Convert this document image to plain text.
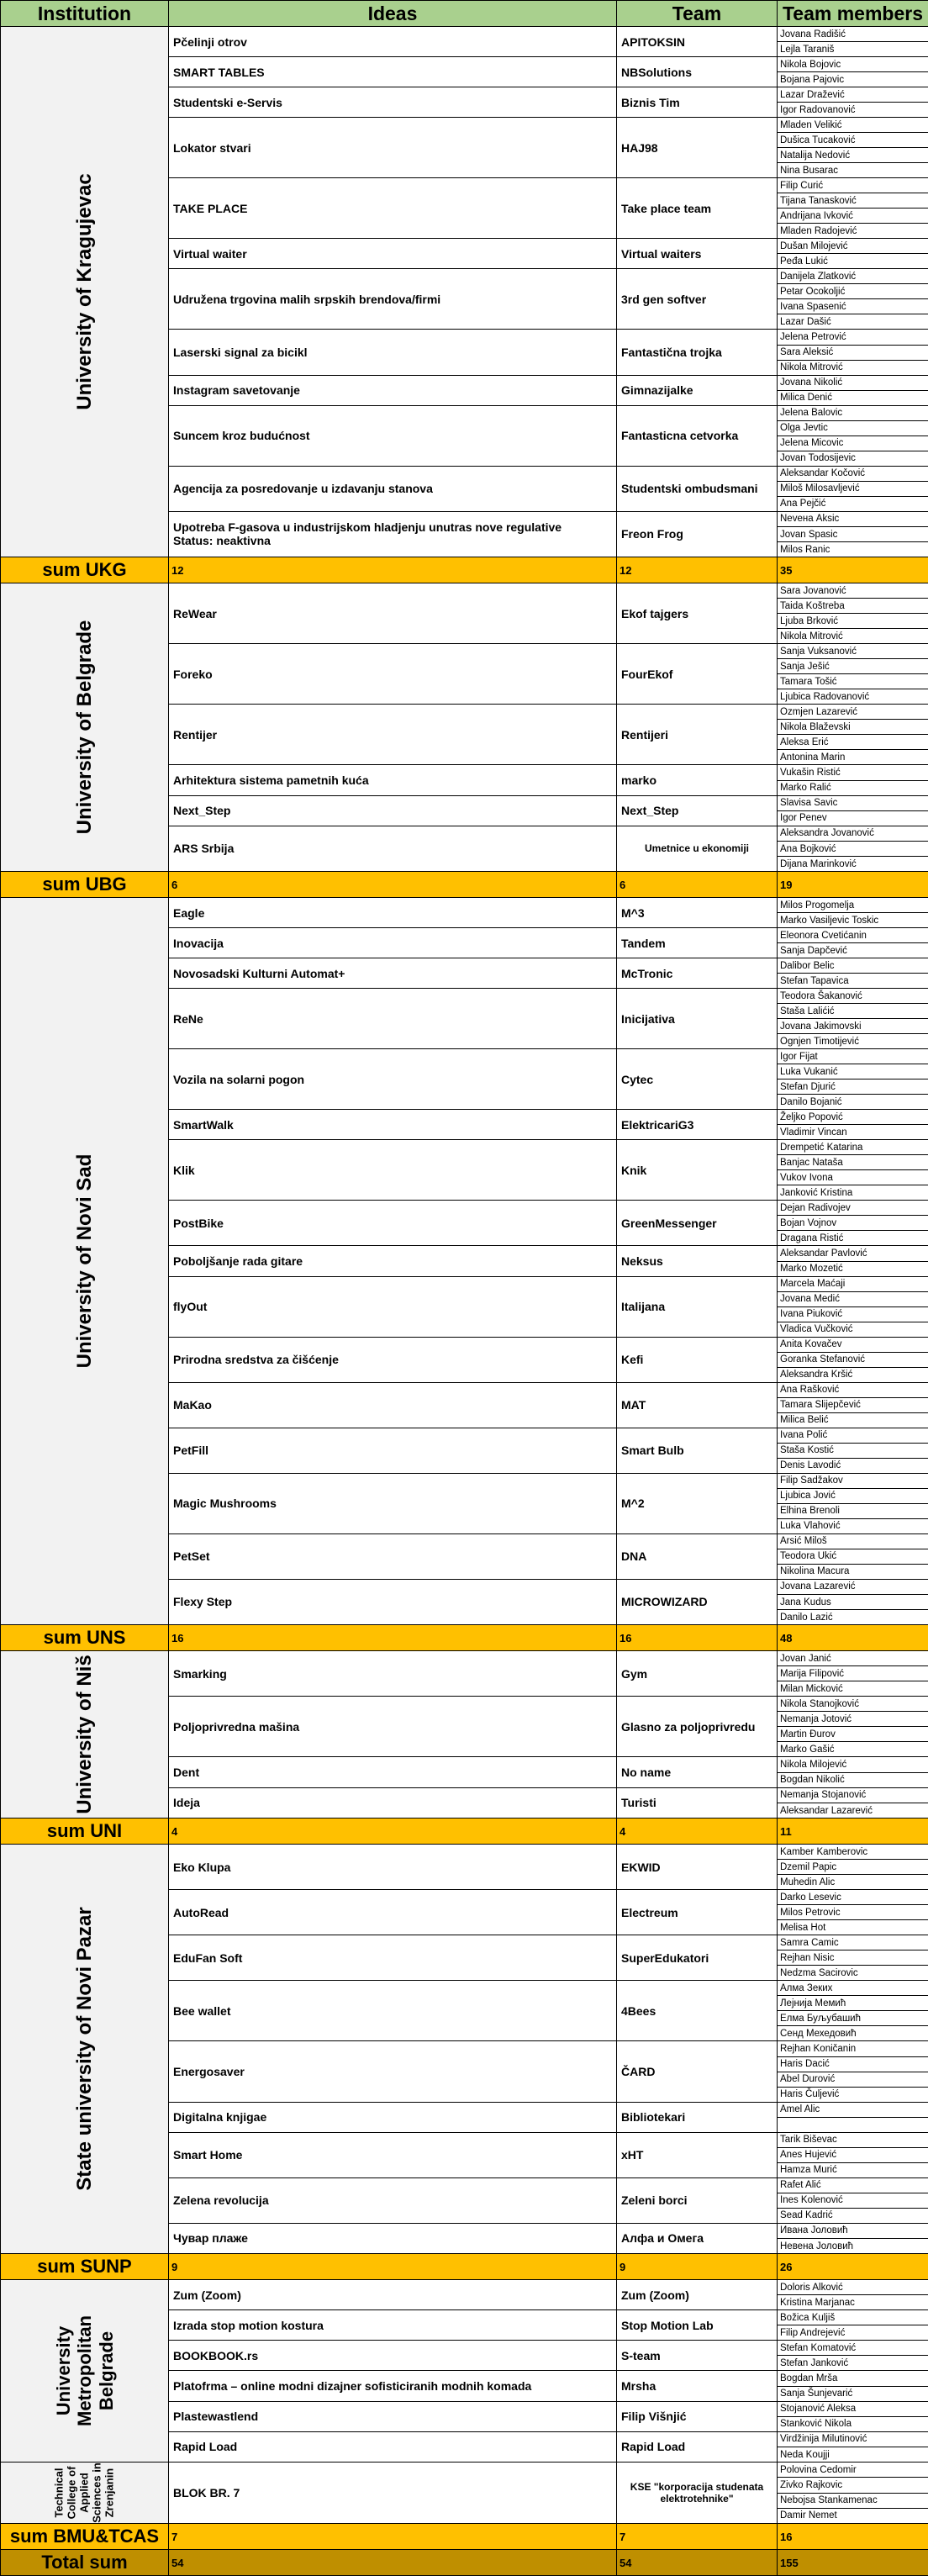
Institution	Ideas	Team	Team members

University of Kragujevac	Pčelinji otrov	APITOKSIN	Jovana Radišić
			Lejla Taraniš
	SMART TABLES	NBSolutions	Nikola Bojovic
			Bojana Pajovic
	Studentski e-Servis	Biznis Tim	Lazar Dražević
			Igor Radovanović
	Lokator stvari	HAJ98	Mladen Velikić
			Dušica Tucaković
			Natalija Nedović
			Nina Busarac
	TAKE PLACE	Take place team	Filip Curić
			Tijana Tanasković
			Andrijana Ivković
			Mladen Radojević
	Virtual waiter	Virtual waiters	Dušan Milojević
			Peđa Lukić
	Udružena trgovina malih srpskih brendova/firmi	3rd gen softver	Danijela Zlatković
			Petar Ocokoljić
			Ivana Spasenić
			Lazar Dašić
	Laserski signal za bicikl	Fantastična trojka	Jelena Petrović
			Sara Aleksić
			Nikola Mitrović
	Instagram savetovanje	Gimnazijalke	Jovana Nikolić
			Milica Denić
	Suncem kroz budućnost	Fantasticna cetvorka	Jelena Balovic
			Olga Jevtic
			Jelena Micovic
			Jovan Todosijevic
	Agencija za posredovanje u izdavanju stanova	Studentski ombudsmani	Aleksandar Kočović
			Miloš Milosavljević
			Ana Pejčić
	Upotreba F-gasova u industrijskom hladjenju unutras nove regulative
Status: neaktivna	Freon Frog	Neveна Aksic
			Jovan Spasic
			Milos Ranic
sum UKG	12	12	35

University of Belgrade	ReWear	Ekof tajgers	Sara Jovanović
			Taida Koštreba
			Ljuba Brković
			Nikola Mitrović
	Foreko	FourEkof	Sanja Vuksanović
			Sanja Ješić
			Tamara Tošić
			Ljubica Radovanović
	Rentijer	Rentijeri	Ozmjen Lazarević
			Nikola Blaževski
			Aleksa Erić
			Antonina Marin
	Arhitektura sistema pametnih kuća	marko	Vukašin Ristić
			Marko Ralić
	Next_Step	Next_Step	Slavisa Savic
			Igor Penev
	ARS Srbija	Umetnice u ekonomiji	Aleksandra Jovanović
			Ana Bojković
			Dijana Marinković
sum UBG	6	6	19

University of Novi Sad	Eagle	M^3	Milos Progomelja
			Marko Vasiljevic Toskic
	Inovacija	Tandem	Eleonora Cvetićanin
			Sanja Dapčević
	Novosadski Kulturni Automat+	McTronic	Dalibor Belic
			Stefan Tapavica
	ReNe	Inicijativa	Teodora Šakanović
			Staša Lalićić
			Jovana Jakimovski
			Ognjen Timotijević
	Vozila na solarni pogon	Cytec	Igor Fijat
			Luka Vukanić
			Stefan Djurić
			Danilo Bojanić
	SmartWalk	ElektricariG3	Željko Popović
			Vladimir Vincan
	Klik	Knik	Drempetić Katarina
			Banjac Nataša
			Vukov Ivona
			Janković Kristina
	PostBike	GreenMessenger	Dejan Radivojev
			Bojan Vojnov
			Dragana Ristić
	Poboljšanje rada gitare	Neksus	Aleksandar Pavlović
			Marko Mozetić
	flyOut	Italijana	Marcela Maćaji
			Jovana Medić
			Ivana Piuković
			Vladica Vučković
	Prirodna sredstva za čišćenje	Kefi	Anita Kovačev
			Goranka Stefanović
			Aleksandra Kršić
	MaKao	MAT	Ana Rašković
			Tamara Slijepčević
			Milica Belić
	PetFill	Smart Bulb	Ivana Polić
			Staša Kostić
			Denis Lavodić
	Magic Mushrooms	M^2	Filip Sadžakov
			Ljubica Jović
			Elhina Brenoli
			Luka Vlahović
	PetSet	DNA	Arsić Miloš
			Teodora Ukić
			Nikolina Macura
	Flexy Step	MICROWIZARD	Jovana Lazarević
			Jana Kudus
			Danilo Lazić
sum UNS	16	16	48

University of Niš	Smarking	Gym	Jovan Janić
			Marija Filipović
			Milan Micković
	Poljoprivredna mašina	Glasno za poljoprivredu	Nikola Stanojković
			Nemanja Jotović
			Martin Đurov
			Marko Gašić
	Dent	No name	Nikola Milojević
			Bogdan Nikolić
	Ideja	Turisti	Nemanja Stojanović
			Aleksandar Lazarević
sum UNI	4	4	11

State university of Novi Pazar	Eko Klupa	EKWID	Kamber Kamberovic
			Dzemil Papic
			Muhedin Alic
	AutoRead	Electreum	Darko Lesevic
			Milos Petrovic
			Melisa Hot
	EduFan Soft	SuperEdukatori	Samra Camic
			Rejhan Nisic
			Nedzma Sacirovic
	Bee wallet	4Bees	Алма Зеких
			Лејнија Мемић
			Елма Буљубашић
			Сенд Мехедовић
	Energosaver	ČARD	Rejhan Koničanin
			Haris Dacić
			Abel Durović
			Haris Čuljević
	Digitalna knjigae	Bibliotekari	Amel Alic

	Smart Home	xHT	Tarik Biševac
			Anes Hujević
			Hamza Murić
	Zelena revolucija	Zeleni borci	Rafet Alić
			Ines Kolenović
			Sead Kadrić
	Чувар плаже	Алфа и Омега	Ивана Јоловић
			Невена Јоловић
sum SUNP	9	9	26

University Metropolitan Belgrade	Zum (Zoom)	Zum (Zoom)	Doloris Alković
			Kristina Marjanac
	Izrada stop motion kostura	Stop Motion Lab	Božica Kuljiš
			Filip Andrejević
	BOOKBOOK.rs	S-team	Stefan Komatović
			Stefan Janković
	Platofrma – online modni dizajner sofisticiranih modnih komada	Mrsha	Bogdan Mrša
			Sanja Šunjevarić
	Plastewastlend	Filip Višnjić	Stojanović Aleksa
			Stanković Nikola
	Rapid Load	Rapid Load	Virdžinija Milutinović
			Neda Koujji

Technical College of Applied Sciences in Zrenjanin	BLOK BR. 7	KSE "korporacija studenata elektrotehnike"	Polovina Cedomir
			Zivko Rajkovic
			Nebojsa Stankamenac
			Damir Nemet
sum BMU&TCAS	7	7	16
Total sum	54	54	155
